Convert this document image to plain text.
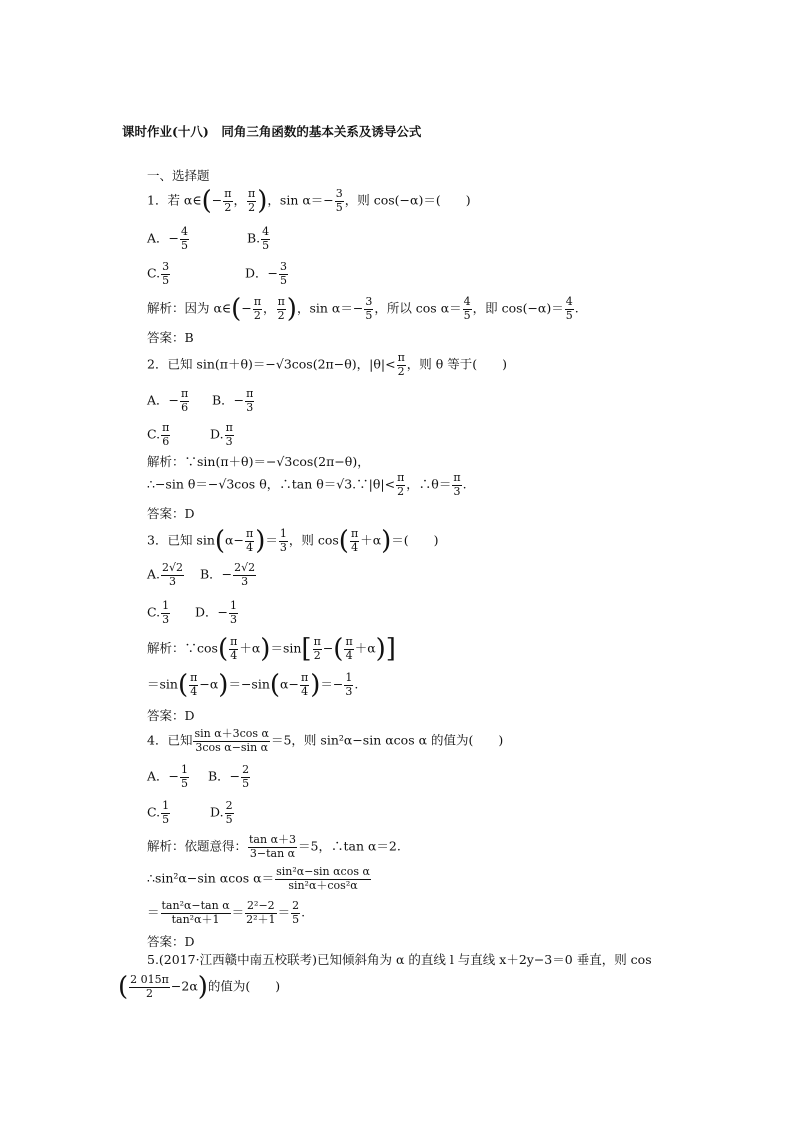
课时作业(十八)　同角三角函数的基本关系及诱导公式
一、选择题
1．若 α∈(− $\frac{\pi}{2}$ ， $\frac{\pi}{2}$ )，$\sin \alpha=- \frac{3}{5}$ ，则 cos(−α)＝(　　)
A．− $\frac{4}{5}$	B. $\frac{4}{5}$
C. $\frac{3}{5}$	D．− $\frac{3}{5}$
解析：因为 α∈(− $\frac{\pi}{2}$ ， $\frac{\pi}{2}$ )，$\sin \alpha=- \frac{3}{5}$ ，所以 $\cos \alpha= \frac{4}{5}$ ，即 $\cos(-\alpha)= \frac{4}{5}$ .
答案：B
2．已知 sin(π＋θ)＝−√3cos(2π−θ)，$|\theta|< \frac{\pi}{2}$ ，则 θ 等于(　　)
A．− $\frac{\pi}{6}$ B．− $\frac{\pi}{3}$
C. $\frac{\pi}{6}$	D. $\frac{\pi}{3}$
解析：∵sin(π＋θ)＝−√3cos(2π−θ)，
∴−sin θ＝−√3cos θ，∴tan θ＝√3.∵|θ|< $\frac{\pi}{2}$ ，∴θ＝ $\frac{\pi}{3}$ .
答案：D
3．已知 $\sin(\alpha- \frac{\pi}{4}$ )＝ $\frac{1}{3}$ ，则 $\cos( \frac{\pi}{4} +\alpha)=$(　　)
A. $\frac{2√2}{3}$ B．− $\frac{2√2}{3}$
C. $\frac{1}{3}$ D．− $\frac{1}{3}$
解析：∵cos( $\frac{\pi}{4} +\alpha)=\sin[ \frac{\pi}{2}$ −( $\frac{\pi}{4} +\alpha$)]
$=\sin( \frac{\pi}{4} -\alpha)=-\sin(\alpha- \frac{\pi}{4}$ )＝− $\frac{1}{3}$ .
答案：D
4．已知 $\frac{\text{sin α＋3cos α}}{\text{3cos α−sin α}} =5$，则 sin²α−sin αcos α 的值为(　　)
A．− $\frac{1}{5}$ B．− $\frac{2}{5}$
C. $\frac{1}{5}$	D. $\frac{2}{5}$
解析：依题意得： $\frac{\text{tan α＋3}}{\text{3−tan α}} =5$，∴tan α＝2.
∴sin²α−sin αcos $\alpha= \frac{\text{sin²α−sin αcos α}}{\text{sin²α＋cos²α}}$
＝ $\frac{\text{tan²α−tan α}}{\text{tan²α＋1}} = \frac{\text{2²−2}}{\text{2²＋1}} = \frac{2}{5}$ .
答案：D
5.(2017·江西赣中南五校联考)已知倾斜角为 α 的直线 l 与直线 x＋2y−3＝0 垂直，则 cos
( $\frac{2 015\pi}{2} -2\alpha$)的值为(　　)
